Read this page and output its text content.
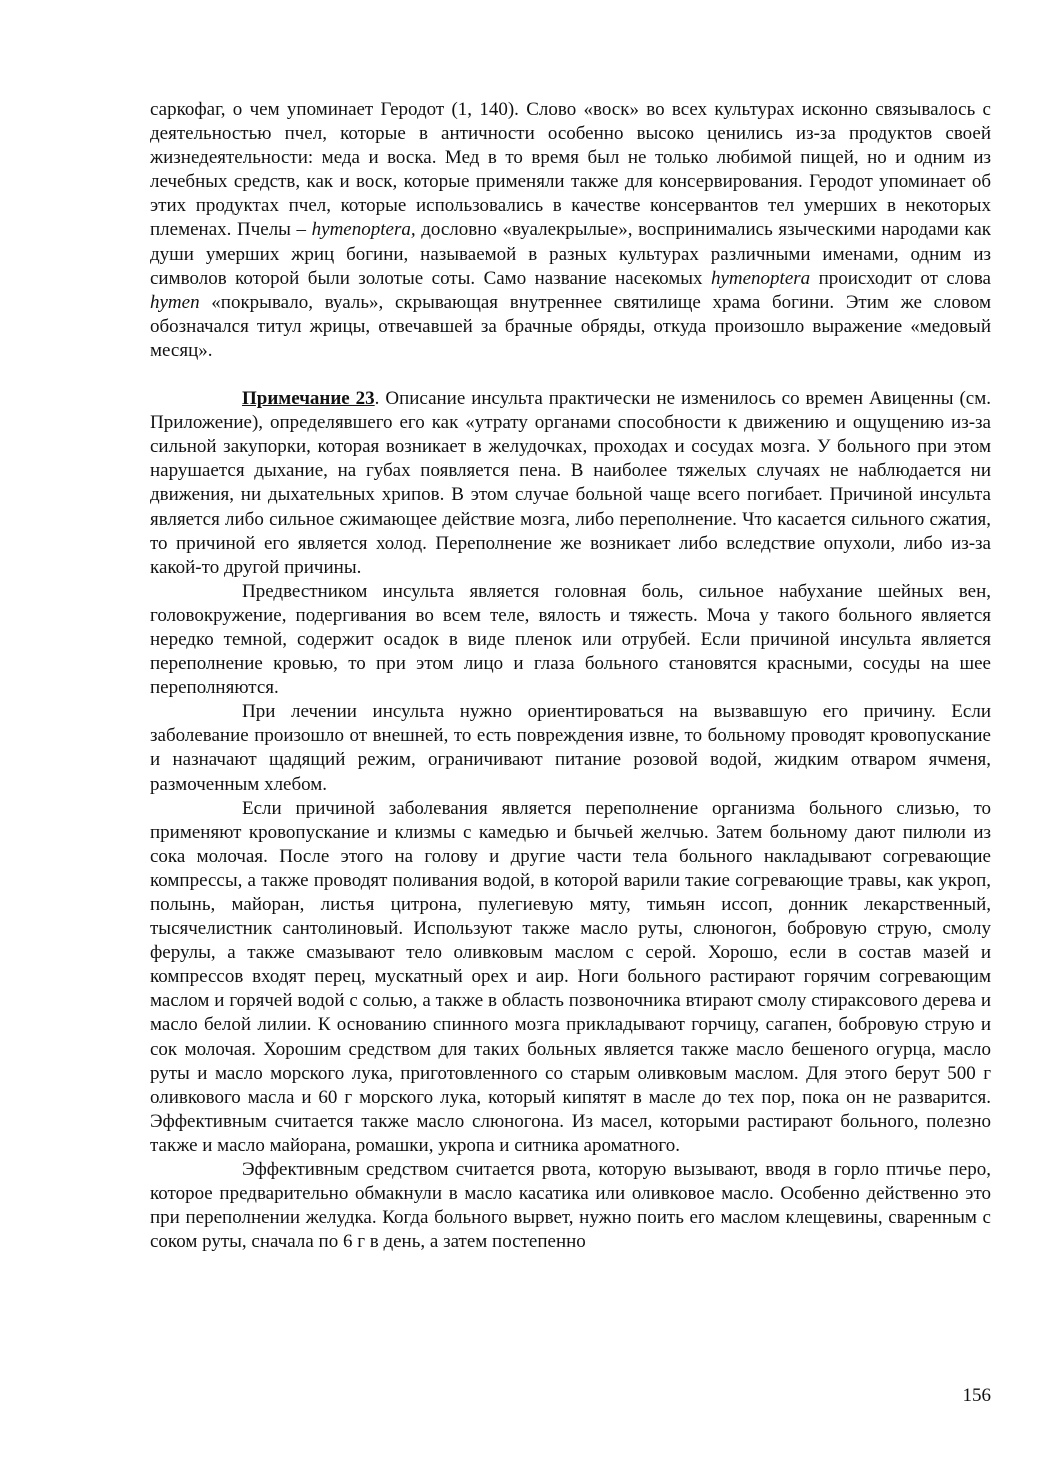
саркофаг, о чем упоминает Геродот (1, 140). Слово «воск» во всех культурах исконно связывалось с деятельностью пчел, которые в античности особенно высоко ценились из-за продуктов своей жизнедеятельности: меда и воска. Мед в то время был не только любимой пищей, но и одним из лечебных средств, как и воск, которые применяли также для консервирования. Геродот упоминает об этих продуктах пчел, которые использовались в качестве консервантов тел умерших в некоторых племенах. Пчелы – hymenoptera, дословно «вуалекрылые», воспринимались языческими народами как души умерших жриц богини, называемой в разных культурах различными именами, одним из символов которой были золотые соты. Само название насекомых hymenoptera происходит от слова hymen «покрывало, вуаль», скрывающая внутреннее святилище храма богини. Этим же словом обозначался титул жрицы, отвечавшей за брачные обряды, откуда произошло выражение «медовый месяц».

Примечание 23. Описание инсульта практически не изменилось со времен Авиценны (см. Приложение), определявшего его как «утрату органами способности к движению и ощущению из-за сильной закупорки, которая возникает в желудочках, проходах и сосудах мозга. У больного при этом нарушается дыхание, на губах появляется пена. В наиболее тяжелых случаях не наблюдается ни движения, ни дыхательных хрипов. В этом случае больной чаще всего погибает. Причиной инсульта является либо сильное сжимающее действие мозга, либо переполнение. Что касается сильного сжатия, то причиной его является холод. Переполнение же возникает либо вследствие опухоли, либо из-за какой-то другой причины.

Предвестником инсульта является головная боль, сильное набухание шейных вен, головокружение, подергивания во всем теле, вялость и тяжесть. Моча у такого больного является нередко темной, содержит осадок в виде пленок или отрубей. Если причиной инсульта является переполнение кровью, то при этом лицо и глаза больного становятся красными, сосуды на шее переполняются.

При лечении инсульта нужно ориентироваться на вызвавшую его причину. Если заболевание произошло от внешней, то есть повреждения извне, то больному проводят кровопускание и назначают щадящий режим, ограничивают питание розовой водой, жидким отваром ячменя, размоченным хлебом.

Если причиной заболевания является переполнение организма больного слизью, то применяют кровопускание и клизмы с камедью и бычьей желчью. Затем больному дают пилюли из сока молочая. После этого на голову и другие части тела больного накладывают согревающие компрессы, а также проводят поливания водой, в которой варили такие согревающие травы, как укроп, полынь, майоран, листья цитрона, пулегиевую мяту, тимьян иссоп, донник лекарственный, тысячелистник сантолиновый. Используют также масло руты, слюногон, бобровую струю, смолу ферулы, а также смазывают тело оливковым маслом с серой. Хорошо, если в состав мазей и компрессов входят перец, мускатный орех и аир. Ноги больного растирают горячим согревающим маслом и горячей водой с солью, а также в область позвоночника втирают смолу стираксового дерева и масло белой лилии. К основанию спинного мозга прикладывают горчицу, сагапен, бобровую струю и сок молочая. Хорошим средством для таких больных является также масло бешеного огурца, масло руты и масло морского лука, приготовленного со старым оливковым маслом. Для этого берут 500 г оливкового масла и 60 г морского лука, который кипятят в масле до тех пор, пока он не разварится. Эффективным считается также масло слюногона. Из масел, которыми растирают больного, полезно также и масло майорана, ромашки, укропа и ситника ароматного.

Эффективным средством считается рвота, которую вызывают, вводя в горло птичье перо, которое предварительно обмакнули в масло касатика или оливковое масло. Особенно действенно это при переполнении желудка. Когда больного вырвет, нужно поить его маслом клещевины, сваренным с соком руты, сначала по 6 г в день, а затем постепенно

156
